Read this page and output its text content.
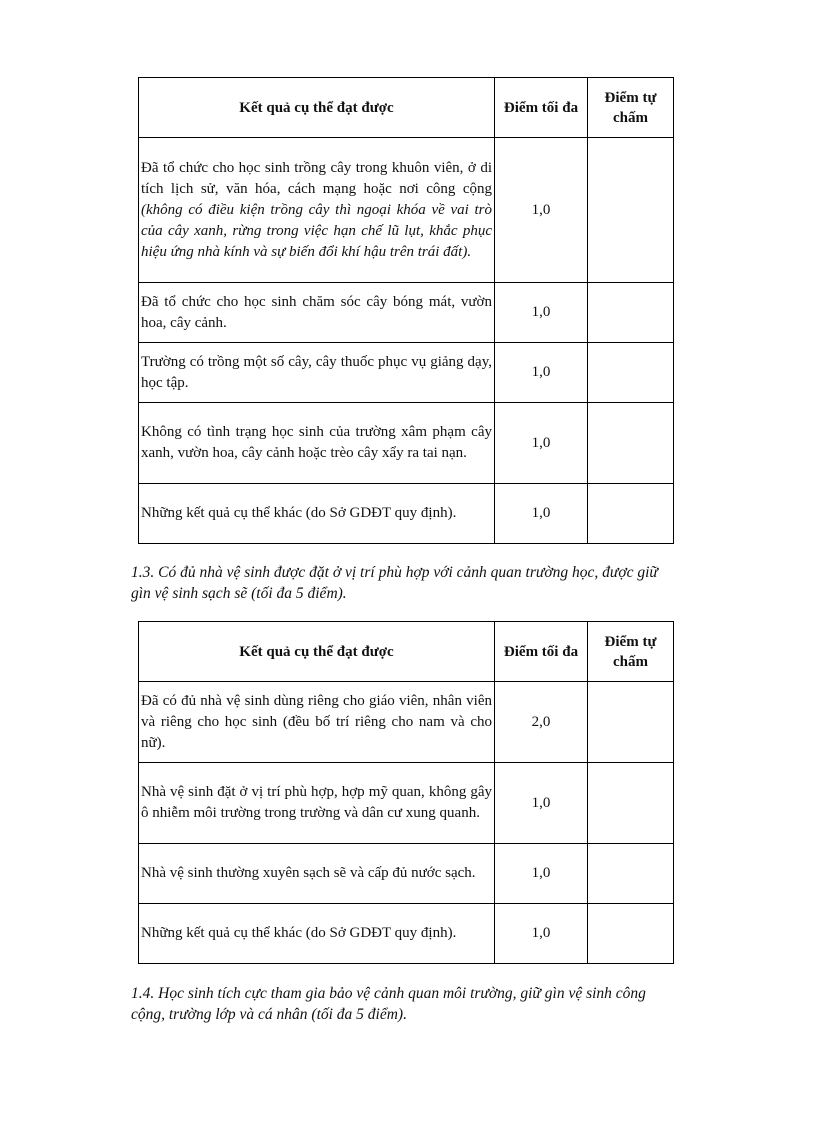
Kết quả cụ thể đạt được	Điểm tối đa	Điểm tự chấm
Đã tổ chức cho học sinh trồng cây trong khuôn viên, ở di tích lịch sử, văn hóa, cách mạng hoặc nơi công cộng (không có điều kiện trồng cây thì ngoại khóa về vai trò của cây xanh, rừng trong việc hạn chế lũ lụt, khắc phục hiệu ứng nhà kính và sự biến đổi khí hậu trên trái đất).	1,0	
Đã tổ chức cho học sinh chăm sóc cây bóng mát, vườn hoa, cây cảnh.	1,0	
Trường có trồng một số cây, cây thuốc phục vụ giảng dạy, học tập.	1,0	
Không có tình trạng học sinh của trường xâm phạm cây xanh, vườn hoa, cây cảnh hoặc trèo cây xẩy ra tai nạn.	1,0	
Những kết quả cụ thể khác (do Sở GDĐT quy định).	1,0	

1.3. Có đủ nhà vệ sinh được đặt ở vị trí phù hợp với cảnh quan trường học, được giữ gìn vệ sinh sạch sẽ (tối đa 5 điểm).

Kết quả cụ thể đạt được	Điểm tối đa	Điểm tự chấm
Đã có đủ nhà vệ sinh dùng riêng cho giáo viên, nhân viên và riêng cho học sinh (đều bố trí riêng cho nam và cho nữ).	2,0	
Nhà vệ sinh đặt ở vị trí phù hợp, hợp mỹ quan, không gây ô nhiễm môi trường trong trường và dân cư xung quanh.	1,0	
Nhà vệ sinh thường xuyên sạch sẽ và cấp đủ nước sạch.	1,0	
Những kết quả cụ thể khác (do Sở GDĐT quy định).	1,0	

1.4. Học sinh tích cực tham gia bảo vệ cảnh quan môi trường, giữ gìn vệ sinh công cộng, trường lớp và cá nhân (tối đa 5 điểm).
